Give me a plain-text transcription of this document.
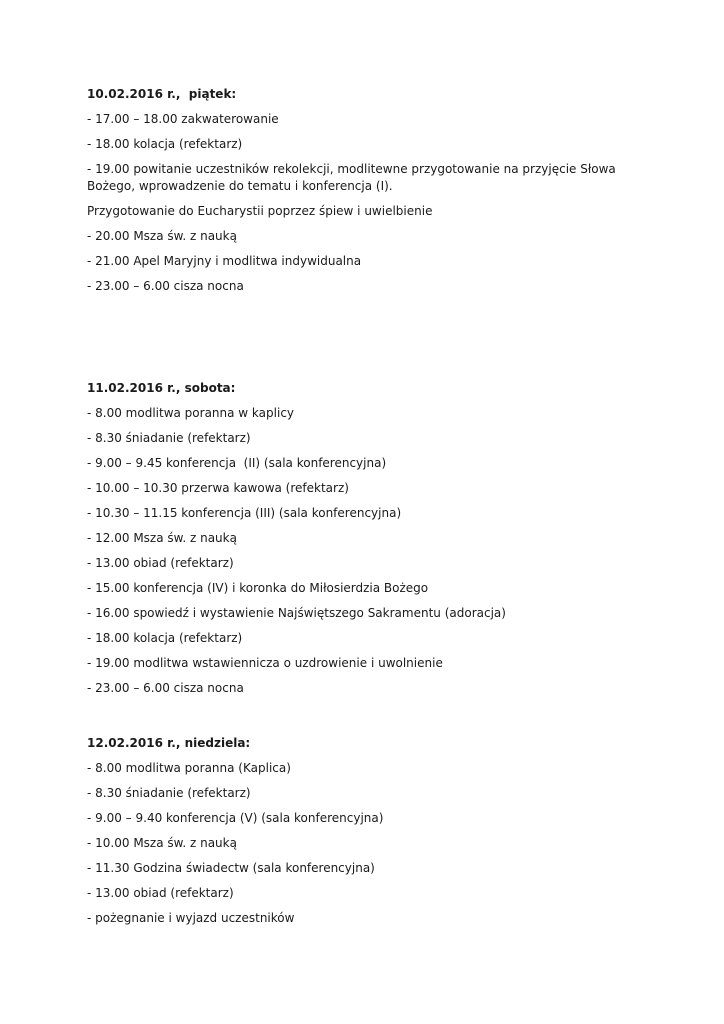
10.02.2016 r.,  piątek:
- 17.00 – 18.00 zakwaterowanie
- 18.00 kolacja (refektarz)
- 19.00 powitanie uczestników rekolekcji, modlitewne przygotowanie na przyjęcie Słowa Bożego, wprowadzenie do tematu i konferencja (I).
Przygotowanie do Eucharystii poprzez śpiew i uwielbienie
- 20.00 Msza św. z nauką
- 21.00 Apel Maryjny i modlitwa indywidualna
- 23.00 – 6.00 cisza nocna
11.02.2016 r., sobota:
- 8.00 modlitwa poranna w kaplicy
- 8.30 śniadanie (refektarz)
- 9.00 – 9.45 konferencja  (II) (sala konferencyjna)
- 10.00 – 10.30 przerwa kawowa (refektarz)
- 10.30 – 11.15 konferencja (III) (sala konferencyjna)
- 12.00 Msza św. z nauką
- 13.00 obiad (refektarz)
- 15.00 konferencja (IV) i koronka do Miłosierdzia Bożego
- 16.00 spowiedź i wystawienie Najświętszego Sakramentu (adoracja)
- 18.00 kolacja (refektarz)
- 19.00 modlitwa wstawienniczа o uzdrowienie i uwolnienie
- 23.00 – 6.00 cisza nocna
12.02.2016 r., niedziela:
- 8.00 modlitwa poranna (Kaplica)
- 8.30 śniadanie (refektarz)
- 9.00 – 9.40 konferencja (V) (sala konferencyjna)
- 10.00 Msza św. z nauką
- 11.30 Godzina świadectw (sala konferencyjna)
- 13.00 obiad (refektarz)
- pożegnanie i wyjazd uczestników
